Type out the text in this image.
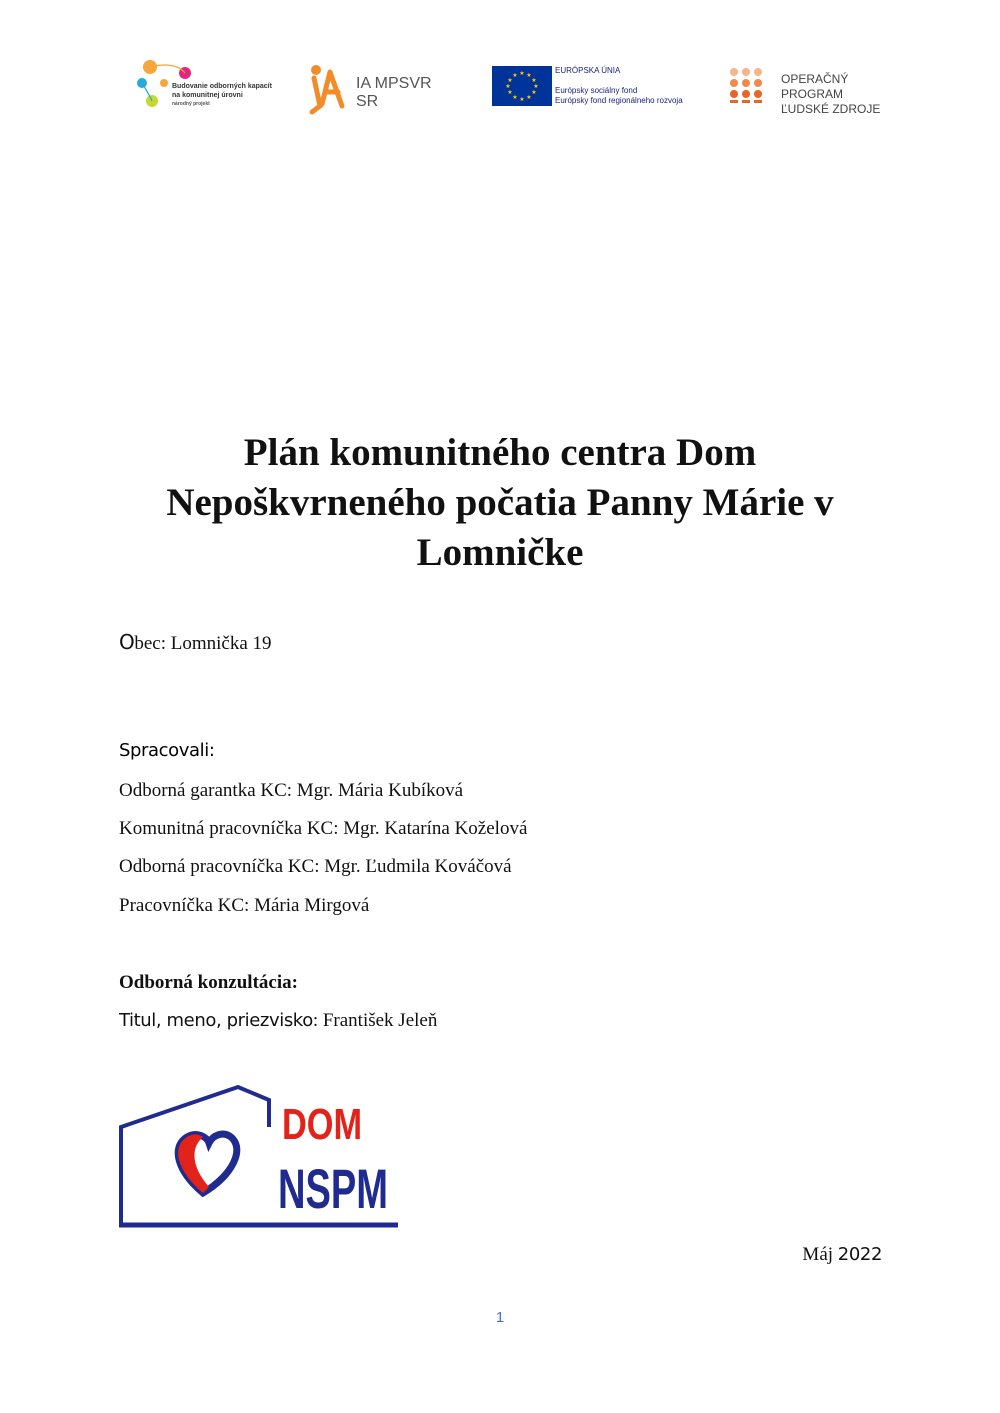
Budovanie odborných kapacít
na komunitnej úrovni
národný projekt
IA MPSVR SR
★ ★
★
★
★
★
★
★
★
★
★
★
EURÓPSKA ÚNIA
Európsky sociálny fond
Európsky fond regionálneho rozvoja
OPERAČNÝ PROGRAM
ĽUDSKÉ ZDROJE
Plán komunitného centra Dom
Nepoškvrneného počatia Panny Márie v
Lomničke

Obec: Lomnička 19

Spracovali:

Odborná garantka KC: Mgr. Mária Kubíková

Komunitná pracovníčka KC: Mgr. Katarína Koželová

Odborná pracovníčka KC: Mgr. Ľudmila Kováčová

Pracovníčka KC: Mária Mirgová

Odborná konzultácia:

Titul, meno, priezvisko: František Jeleň

DOM
NSPM
Máj 2022
1
